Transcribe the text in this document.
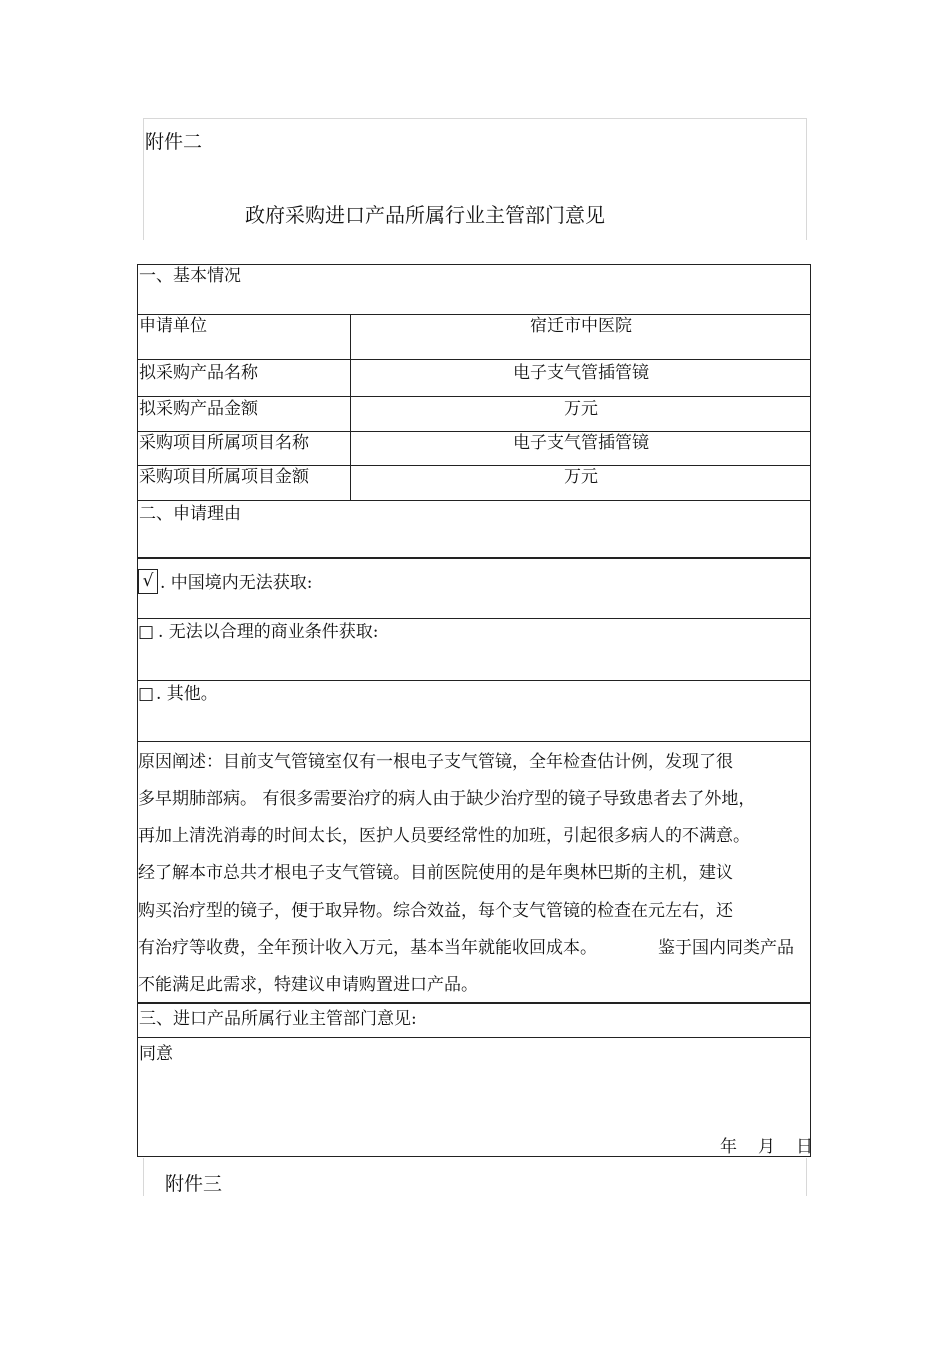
附件二
政府采购进口产品所属行业主管部门意见
一、基本情况
申请单位	宿迁市中医院
拟采购产品名称	电子支气管插管镜
拟采购产品金额	万元
采购项目所属项目名称	电子支气管插管镜
采购项目所属项目金额	万元
二、申请理由
√ . 中国境内无法获取:
□ . 无法以合理的商业条件获取:
□ . 其他。
原因阐述：目前支气管镜室仅有一根电子支气管镜，全年检查估计例，发现了很
多早期肺部病。 有很多需要治疗的病人由于缺少治疗型的镜子导致患者去了外地，
再加上清洗消毒的时间太长，医护人员要经常性的加班，引起很多病人的不满意。
经了解本市总共才根电子支气管镜。目前医院使用的是年奥林巴斯的主机，建议
购买治疗型的镜子，便于取异物。综合效益，每个支气管镜的检查在元左右，还
有治疗等收费，全年预计收入万元，基本当年就能收回成本。	鉴于国内同类产品
不能满足此需求，特建议申请购置进口产品。
三、进口产品所属行业主管部门意见:
同意
年 月 日
附件三
